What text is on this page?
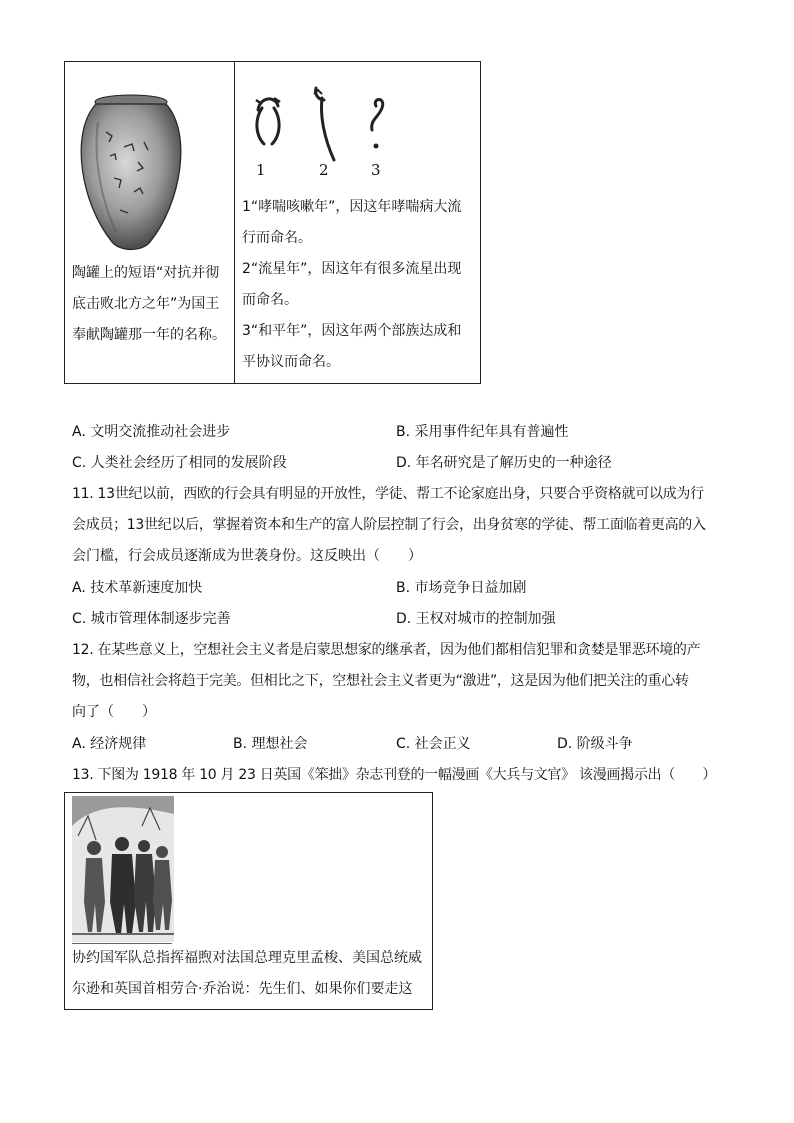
陶罐上的短语“对抗并彻
底击败北方之年”为国王
奉献陶罐那一年的名称。
1	2	3
1“哮喘咳嗽年”，因这年哮喘病大流
行而命名。
2“流星年”，因这年有很多流星出现
而命名。
3“和平年”，因这年两个部族达成和
平协议而命名。
A. 文明交流推动社会进步	B. 采用事件纪年具有普遍性
C. 人类社会经历了相同的发展阶段	D. 年名研究是了解历史的一种途径
11. 13世纪以前，西欧的行会具有明显的开放性，学徒、帮工不论家庭出身，只要合乎资格就可以成为行
会成员；13世纪以后，掌握着资本和生产的富人阶层控制了行会，出身贫寒的学徒、帮工面临着更高的入
会门槛，行会成员逐渐成为世袭身份。这反映出（　　）
A. 技术革新速度加快	B. 市场竞争日益加剧
C. 城市管理体制逐步完善	D. 王权对城市的控制加强
12. 在某些意义上，空想社会主义者是启蒙思想家的继承者，因为他们都相信犯罪和贪婪是罪恶环境的产
物，也相信社会将趋于完美。但相比之下，空想社会主义者更为“激进”，这是因为他们把关注的重心转
向了（　　）
A. 经济规律	B. 理想社会	C. 社会正义	D. 阶级斗争
13. 下图为 1918 年 10 月 23 日英国《笨拙》杂志刊登的一幅漫画《大兵与文官》 该漫画揭示出（　　）
协约国军队总指挥福煦对法国总理克里孟梭、美国总统威
尔逊和英国首相劳合·乔治说：先生们、如果你们要走这
